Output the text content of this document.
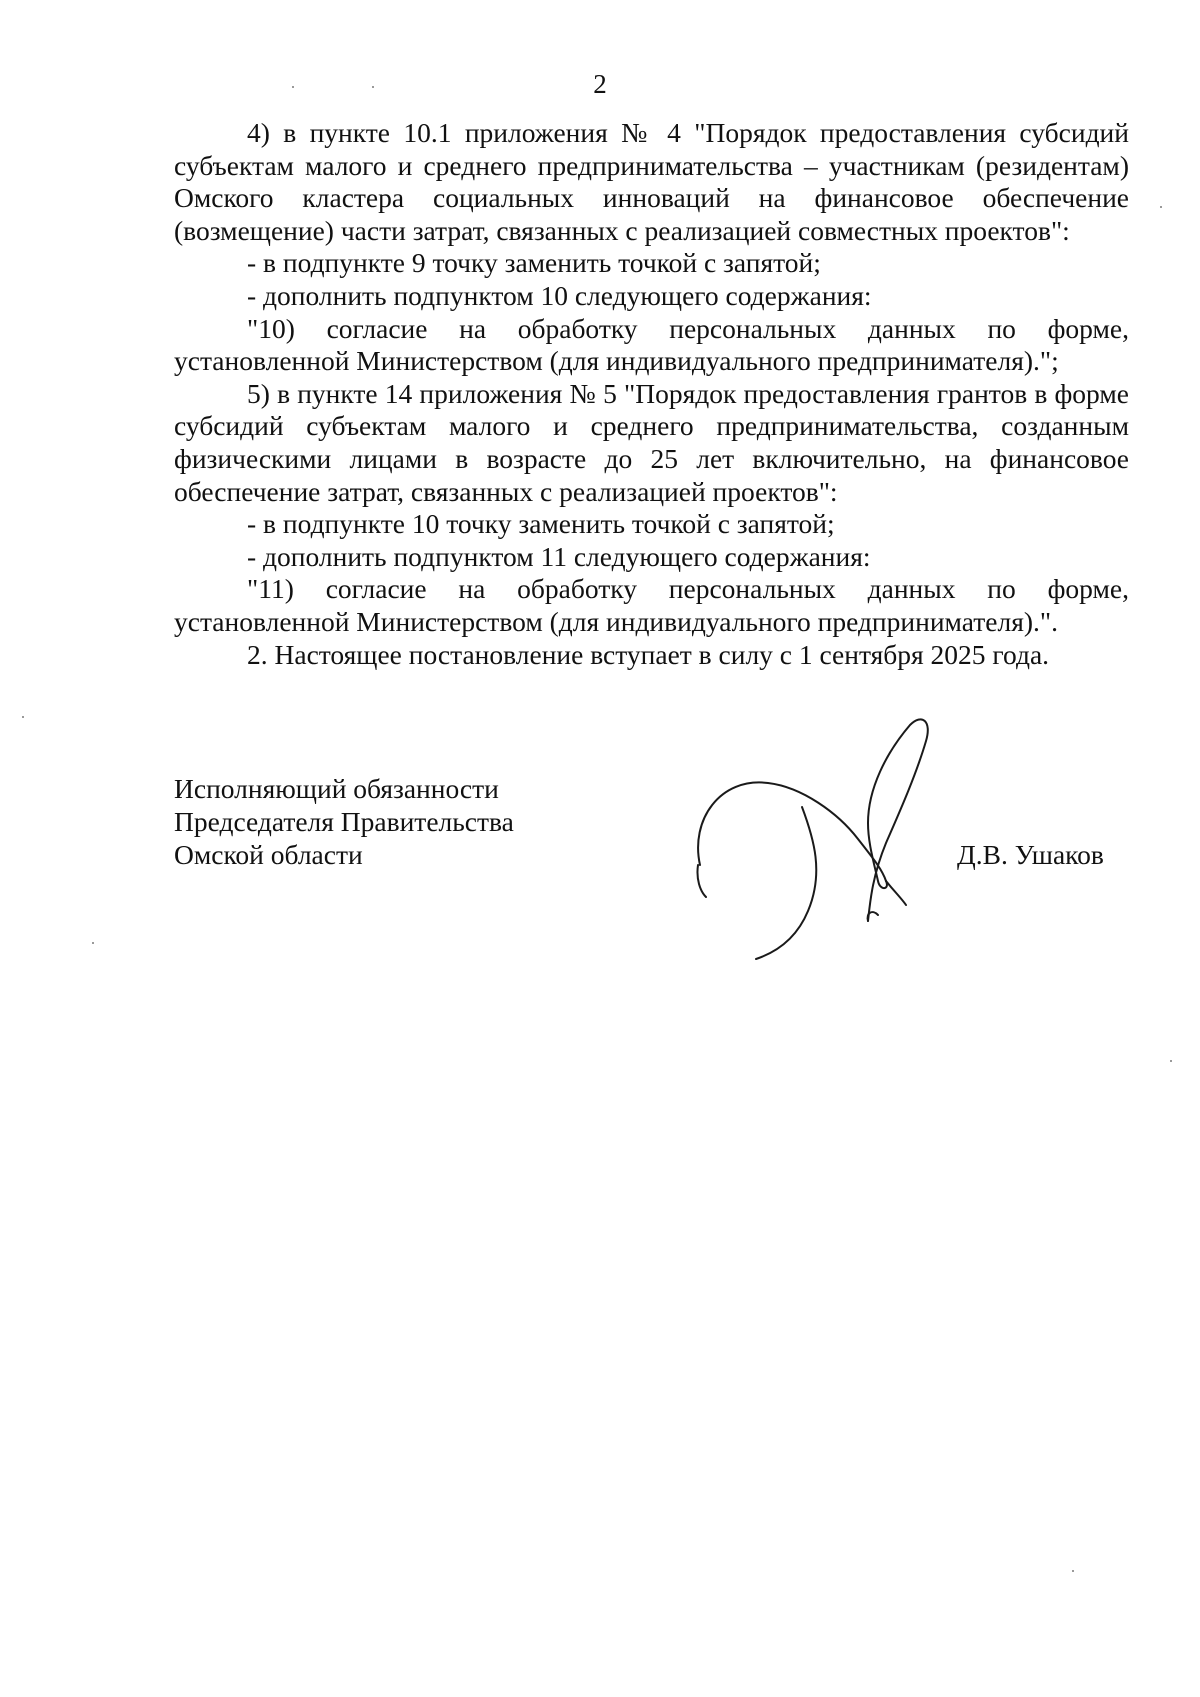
2

4) в пункте 10.1 приложения № 4 "Порядок предоставления субсидий субъектам малого и среднего предпринимательства – участникам (резидентам) Омского кластера социальных инноваций на финансовое обеспечение (возмещение) части затрат, связанных с реализацией совместных проектов":

- в подпункте 9 точку заменить точкой с запятой;

- дополнить подпунктом 10 следующего содержания:

"10) согласие на обработку персональных данных по форме, установленной Министерством (для индивидуального предпринимателя).";

5) в пункте 14 приложения № 5 "Порядок предоставления грантов в форме субсидий субъектам малого и среднего предпринимательства, созданным физическими лицами в возрасте до 25 лет включительно, на финансовое обеспечение затрат, связанных с реализацией проектов":

- в подпункте 10 точку заменить точкой с запятой;

- дополнить подпунктом 11 следующего содержания:

"11) согласие на обработку персональных данных по форме, установленной Министерством (для индивидуального предпринимателя).".

2. Настоящее постановление вступает в силу с 1 сентября 2025 года.

Исполняющий обязанности
Председателя Правительства
Омской области	Д.В. Ушаков
